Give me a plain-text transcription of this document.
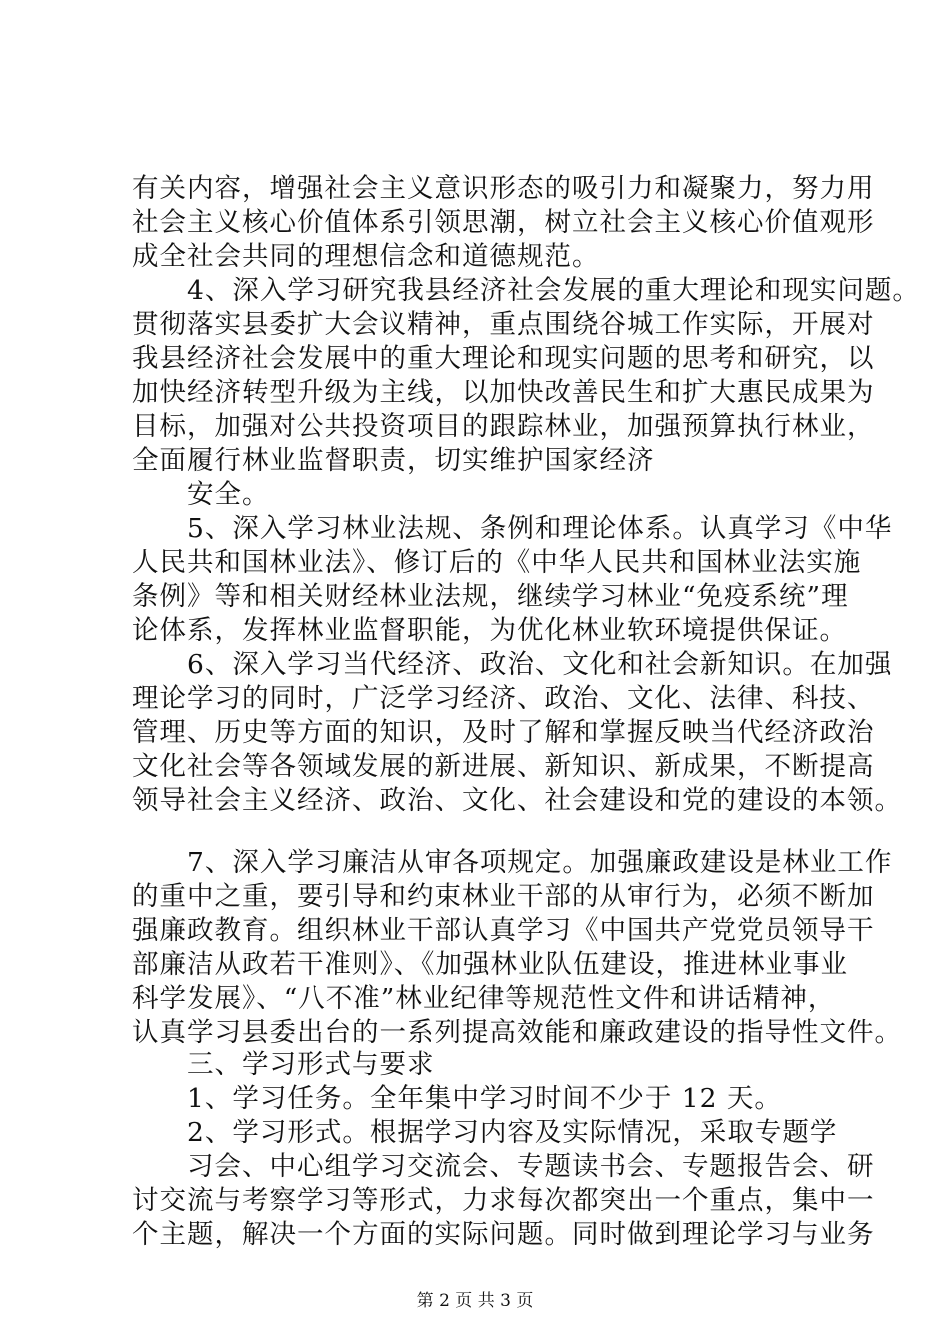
有关内容，增强社会主义意识形态的吸引力和凝聚力，努力用
社会主义核心价值体系引领思潮，树立社会主义核心价值观形
成全社会共同的理想信念和道德规范。
　　4、深入学习研究我县经济社会发展的重大理论和现实问题。
贯彻落实县委扩大会议精神，重点围绕谷城工作实际，开展对
我县经济社会发展中的重大理论和现实问题的思考和研究，以
加快经济转型升级为主线，以加快改善民生和扩大惠民成果为
目标，加强对公共投资项目的跟踪林业，加强预算执行林业，
全面履行林业监督职责，切实维护国家经济
　　安全。
　　5、深入学习林业法规、条例和理论体系。认真学习《中华
人民共和国林业法》、修订后的《中华人民共和国林业法实施
条例》等和相关财经林业法规，继续学习林业“免疫系统”理
论体系，发挥林业监督职能，为优化林业软环境提供保证。
　　6、深入学习当代经济、政治、文化和社会新知识。在加强
理论学习的同时，广泛学习经济、政治、文化、法律、科技、
管理、历史等方面的知识，及时了解和掌握反映当代经济政治
文化社会等各领域发展的新进展、新知识、新成果，不断提高
领导社会主义经济、政治、文化、社会建设和党的建设的本领。
　　7、深入学习廉洁从审各项规定。加强廉政建设是林业工作
的重中之重，要引导和约束林业干部的从审行为，必须不断加
强廉政教育。组织林业干部认真学习《中国共产党党员领导干
部廉洁从政若干准则》、《加强林业队伍建设，推进林业事业
科学发展》、“八不准”林业纪律等规范性文件和讲话精神，
认真学习县委出台的一系列提高效能和廉政建设的指导性文件。
　　三、学习形式与要求
　　1、学习任务。全年集中学习时间不少于 12 天。
　　2、学习形式。根据学习内容及实际情况，采取专题学
　　习会、中心组学习交流会、专题读书会、专题报告会、研
讨交流与考察学习等形式，力求每次都突出一个重点，集中一
个主题，解决一个方面的实际问题。同时做到理论学习与业务
第 2 页 共 3 页
